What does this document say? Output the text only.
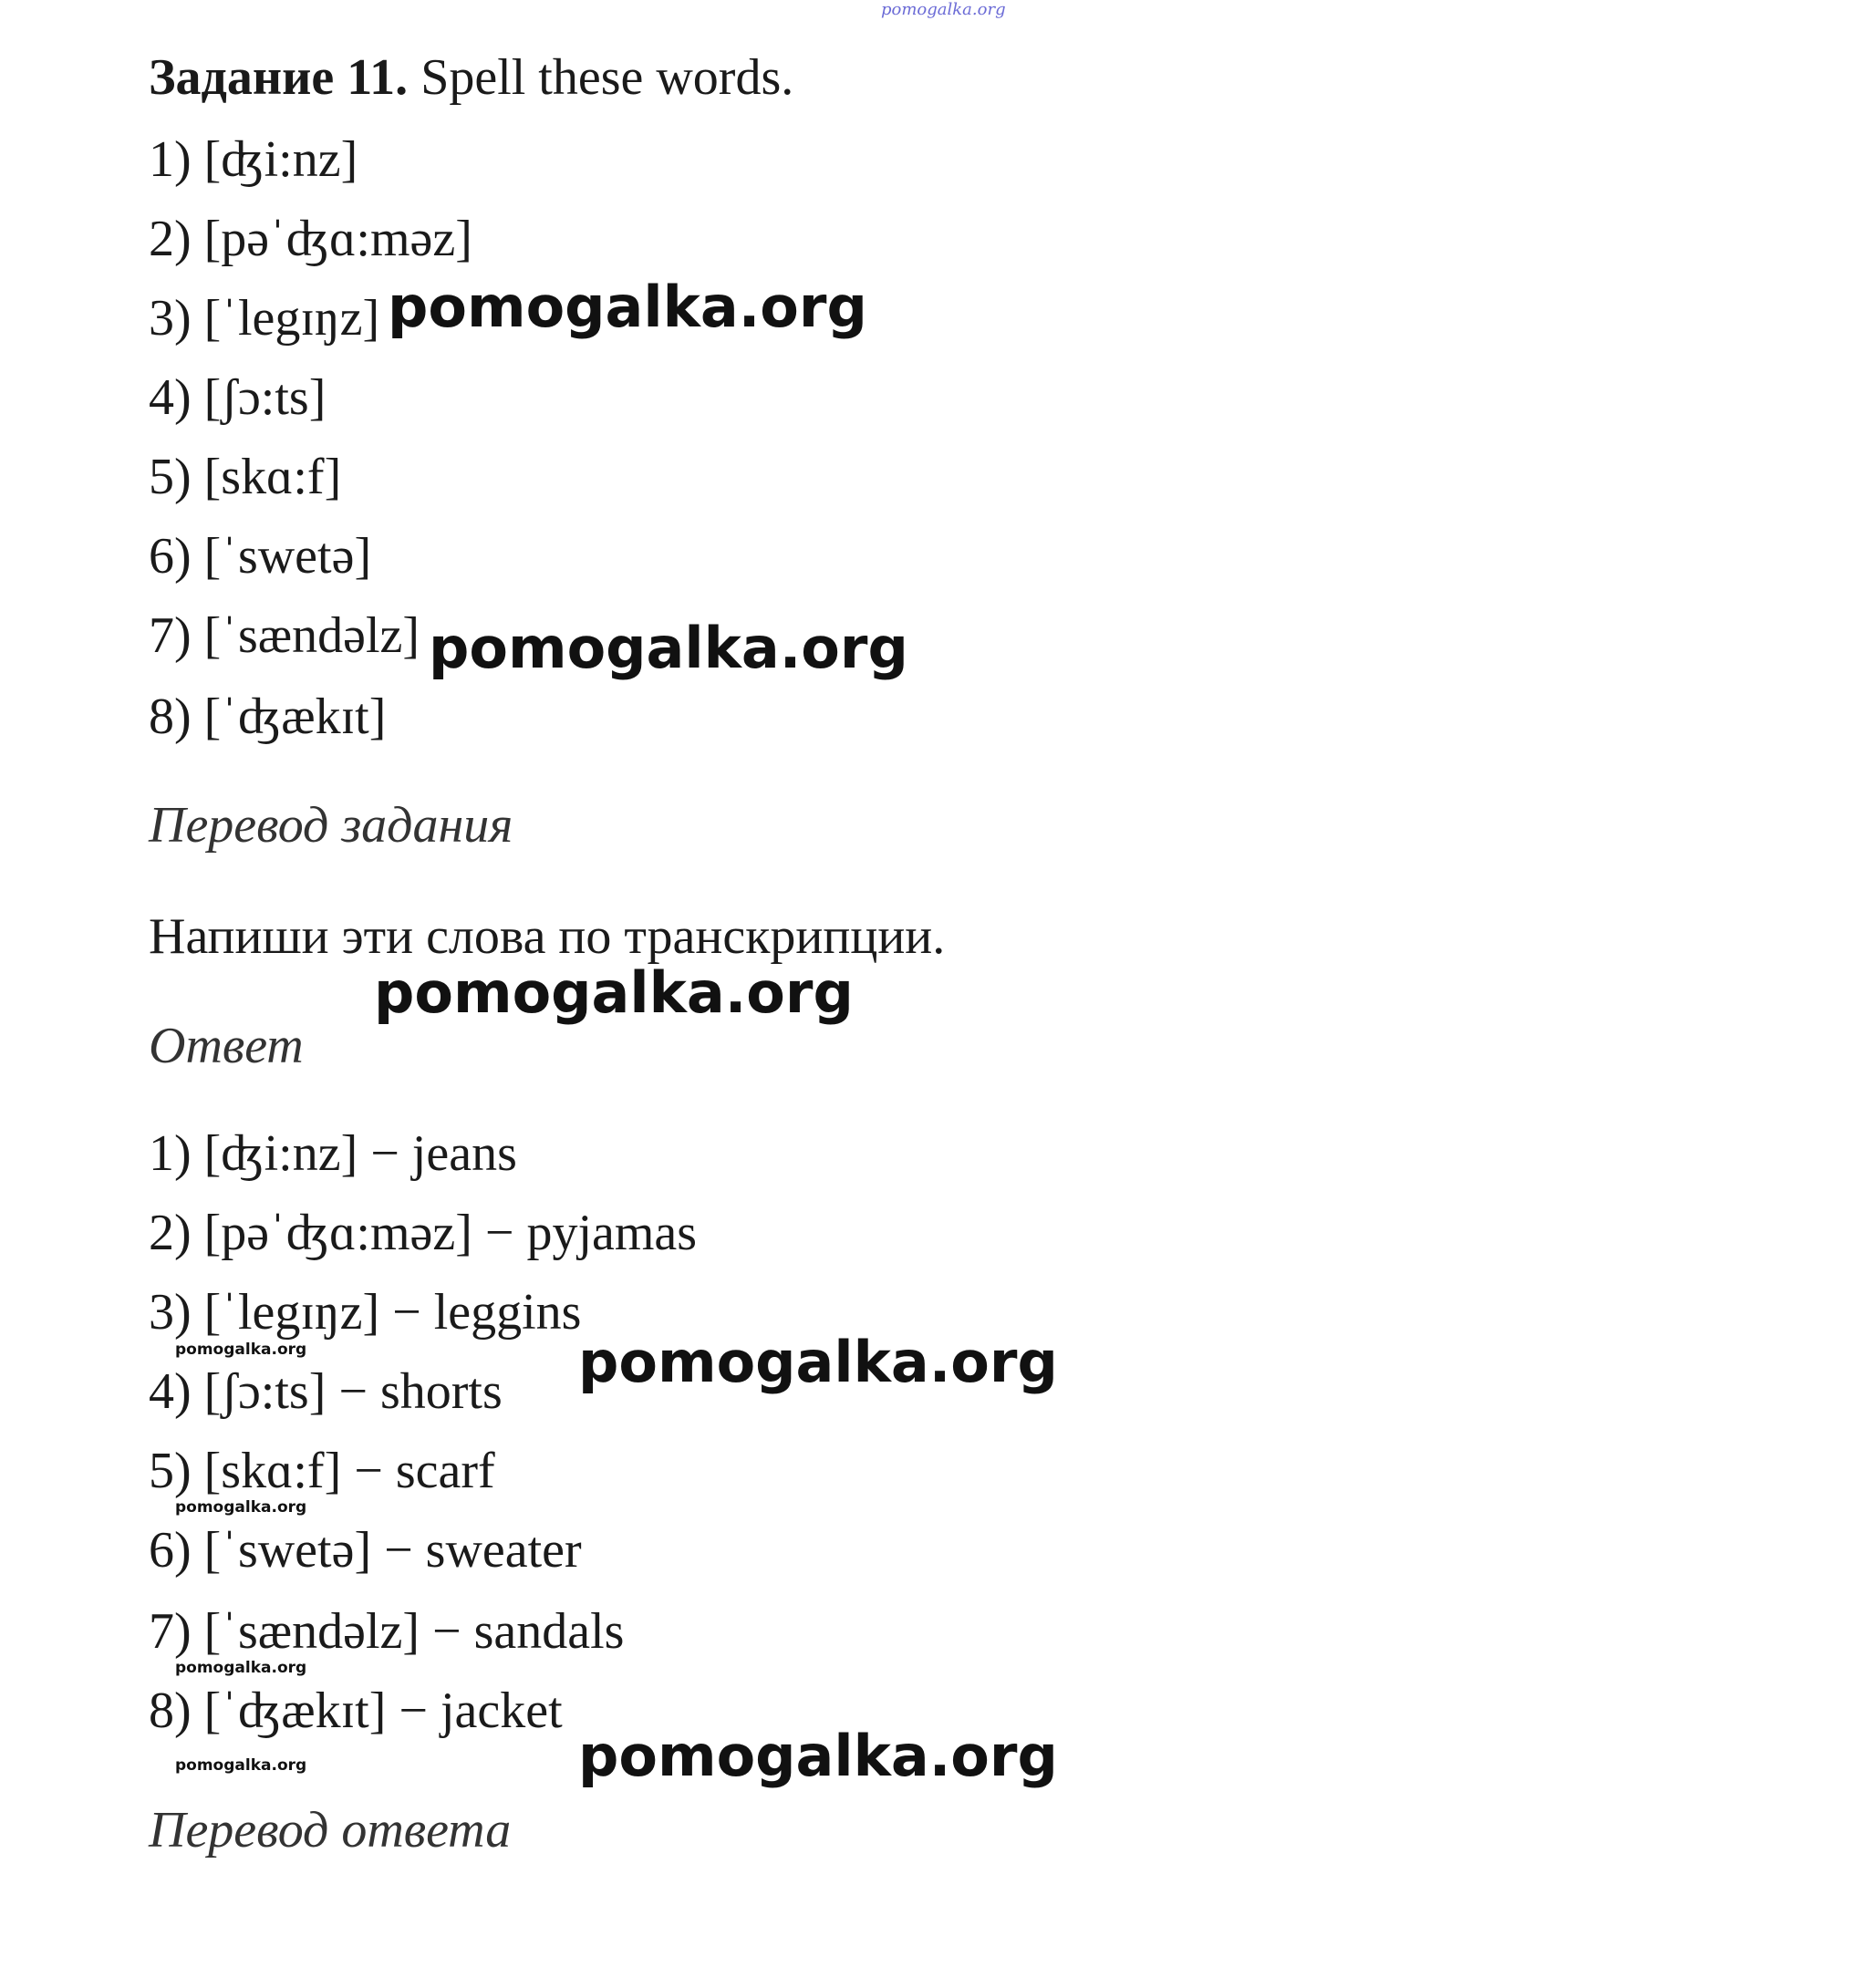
pomogalka.org
Задание 11. Spell these words.
1) [ʤi:nz]
2) [pəˈʤɑ:məz]
3) [ˈlegɪŋz]
4) [ʃɔ:ts]
5) [skɑ:f]
6) [ˈswetə]
7) [ˈsændəlz]
8) [ˈʤækɪt]
Перевод задания
Напиши эти слова по транскрипции.
Ответ
1) [ʤi:nz] − jeans
2) [pəˈʤɑ:məz] − pyjamas
3) [ˈlegɪŋz] − leggins
4) [ʃɔ:ts] − shorts
5) [skɑ:f] − scarf
6) [ˈswetə] − sweater
7) [ˈsændəlz] − sandals
8) [ˈʤækɪt] − jacket
Перевод ответа
pomogalka.org
pomogalka.org
pomogalka.org
pomogalka.org
pomogalka.org
pomogalka.org
pomogalka.org
pomogalka.org
pomogalka.org
